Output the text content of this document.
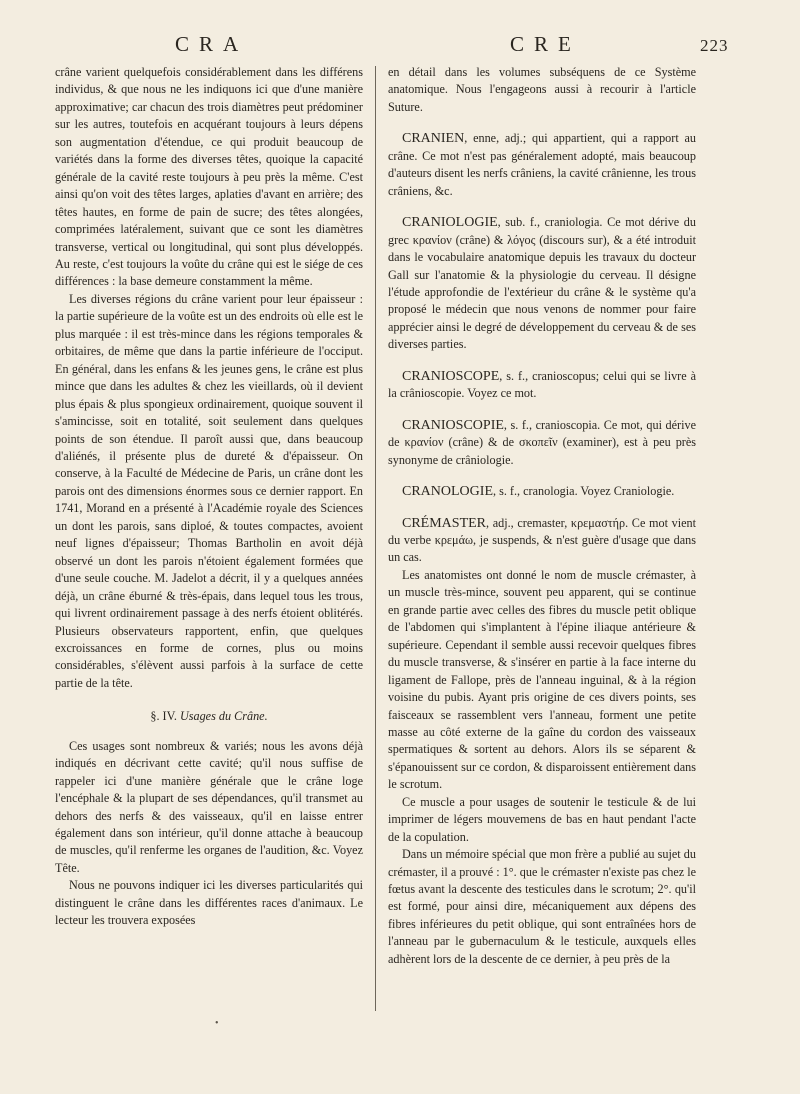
CRA	CRE	223

crâne varient quelquefois considérablement dans les différens individus, & que nous ne les indiquons ici que d'une manière approximative; car chacun des trois diamètres peut prédominer sur les autres, toutefois en acquérant toujours à leurs dépens son augmentation d'étendue, ce qui produit beaucoup de variétés dans la forme des diverses têtes, quoique la capacité générale de la cavité reste toujours à peu près la même. C'est ainsi qu'on voit des têtes larges, aplaties d'avant en arrière; des têtes hautes, en forme de pain de sucre; des têtes alongées, comprimées latéralement, suivant que ce sont les diamètres transverse, vertical ou longitudinal, qui sont plus développés. Au reste, c'est toujours la voûte du crâne qui est le siége de ces différences : la base demeure constamment la même.

Les diverses régions du crâne varient pour leur épaisseur : la partie supérieure de la voûte est un des endroits où elle est le plus marquée : il est très-mince dans les régions temporales & orbitaires, de même que dans la partie inférieure de l'occiput. En général, dans les enfans & les jeunes gens, le crâne est plus mince que dans les adultes & chez les vieillards, où il devient plus épais & plus spongieux ordinairement, quoique souvent il s'amincisse, soit en totalité, soit seulement dans quelques points de son étendue. Il paroît aussi que, dans beaucoup d'aliénés, il présente plus de dureté & d'épaisseur. On conserve, à la Faculté de Médecine de Paris, un crâne dont les parois ont des dimensions énormes sous ce dernier rapport. En 1741, Morand en a présenté à l'Académie royale des Sciences un dont les parois, sans diploé, & toutes compactes, avoient neuf lignes d'épaisseur; Thomas Bartholin en avoit déjà observé un dont les parois n'étoient également formées que d'une seule couche. M. Jadelot a décrit, il y a quelques années déjà, un crâne éburné & très-épais, dans lequel tous les trous, qui livrent ordinairement passage à des nerfs étoient oblitérés. Plusieurs observateurs rapportent, enfin, que quelques excroissances en forme de cornes, plus ou moins considérables, s'élèvent aussi parfois à la surface de cette partie de la tête.

§. IV. Usages du Crâne.

Ces usages sont nombreux & variés; nous les avons déjà indiqués en décrivant cette cavité; qu'il nous suffise de rappeler ici d'une manière générale que le crâne loge l'encéphale & la plupart de ses dépendances, qu'il transmet au dehors des nerfs & des vaisseaux, qu'il en laisse entrer également dans son intérieur, qu'il donne attache à beaucoup de muscles, qu'il renferme les organes de l'audition, &c. Voyez Tête.

Nous ne pouvons indiquer ici les diverses particularités qui distinguent le crâne dans les différentes races d'animaux. Le lecteur les trouvera exposées

en détail dans les volumes subséquens de ce Système anatomique. Nous l'engageons aussi à recourir à l'article Suture.

CRANIEN, enne, adj.; qui appartient, qui a rapport au crâne. Ce mot n'est pas généralement adopté, mais beaucoup d'auteurs disent les nerfs crâniens, la cavité crânienne, les trous crâniens, &c.

CRANIOLOGIE, sub. f., craniologia. Ce mot dérive du grec κρανίον (crâne) & λόγος (discours sur), & a été introduit dans le vocabulaire anatomique depuis les travaux du docteur Gall sur l'anatomie & la physiologie du cerveau. Il désigne l'étude approfondie de l'extérieur du crâne & le système qu'a proposé le médecin que nous venons de nommer pour faire apprécier ainsi le degré de développement du cerveau & de ses diverses parties.

CRANIOSCOPE, s. f., cranioscopus; celui qui se livre à la crânioscopie. Voyez ce mot.

CRANIOSCOPIE, s. f., cranioscopia. Ce mot, qui dérive de κρανίον (crâne) & de σκοπεῖν (examiner), est à peu près synonyme de crâniologie.

CRANOLOGIE, s. f., cranologia. Voyez Craniologie.

CRÉMASTER, adj., cremaster, κρεμαστήρ. Ce mot vient du verbe κρεμάω, je suspends, & n'est guère d'usage que dans un cas.

Les anatomistes ont donné le nom de muscle crémaster, à un muscle très-mince, souvent peu apparent, qui se continue en grande partie avec celles des fibres du muscle petit oblique de l'abdomen qui s'implantent à l'épine iliaque antérieure & supérieure. Cependant il semble aussi recevoir quelques fibres du muscle transverse, & s'insérer en partie à la face interne du ligament de Fallope, près de l'anneau inguinal, & à la région voisine du pubis. Ayant pris origine de ces divers points, ses faisceaux se rassemblent vers l'anneau, forment une petite masse au côté externe de la gaîne du cordon des vaisseaux spermatiques & sortent au dehors. Alors ils se séparent & s'épanouissent sur ce cordon, & disparoissent entièrement dans le scrotum.

Ce muscle a pour usages de soutenir le testicule & de lui imprimer de légers mouvemens de bas en haut pendant l'acte de la copulation.

Dans un mémoire spécial que mon frère a publié au sujet du crémaster, il a prouvé : 1°. que le crémaster n'existe pas chez le fœtus avant la descente des testicules dans le scrotum; 2°. qu'il est formé, pour ainsi dire, mécaniquement aux dépens des fibres inférieures du petit oblique, qui sont entraînées hors de l'anneau par le gubernaculum & le testicule, auxquels elles adhèrent lors de la descente de ce dernier, à peu près de la

•
